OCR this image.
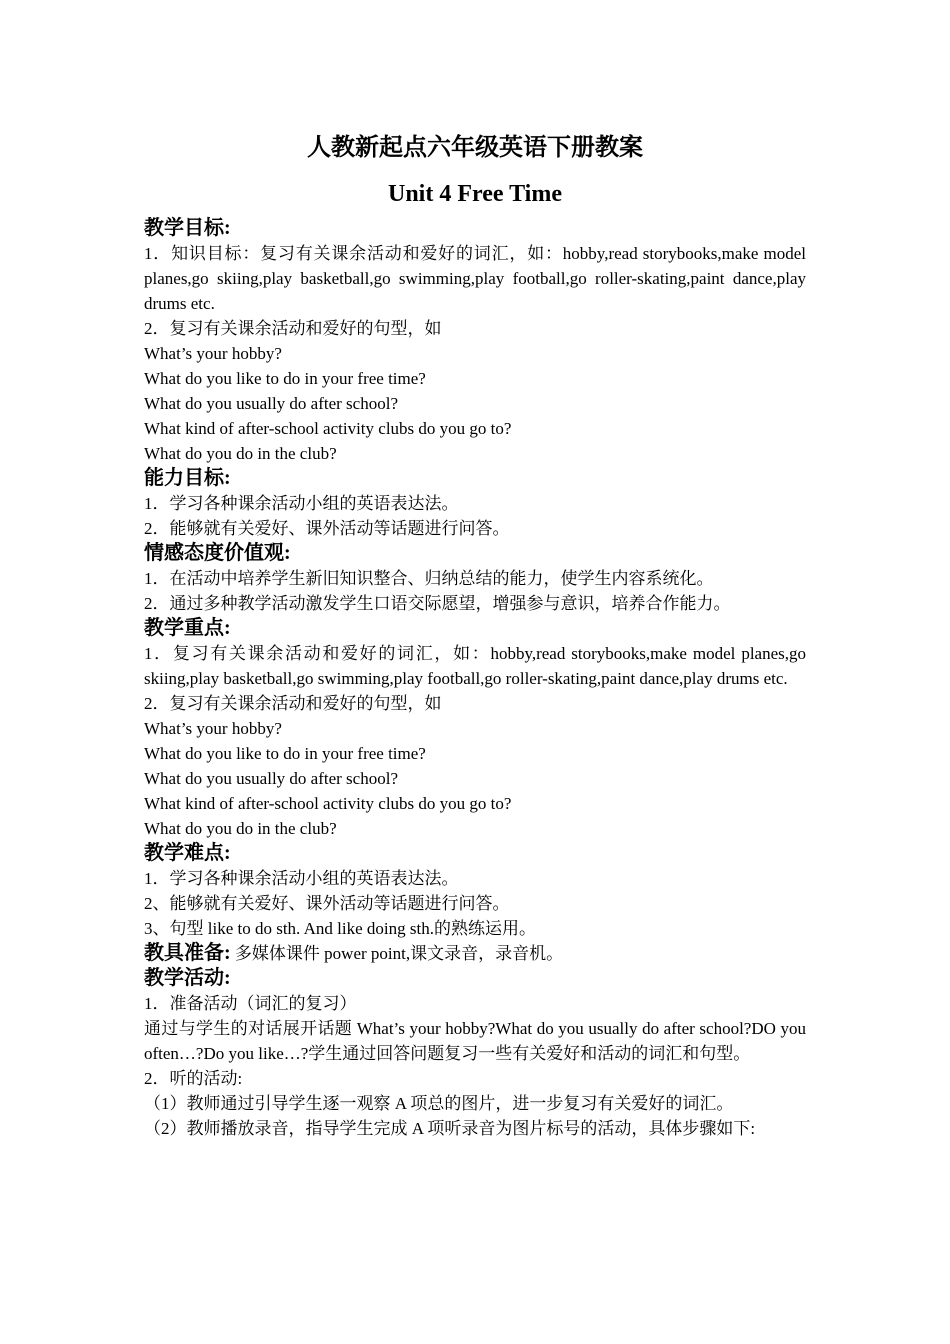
人教新起点六年级英语下册教案

Unit 4 Free Time

教学目标:

1．知识目标：复习有关课余活动和爱好的词汇，如：hobby,read storybooks,make model planes,go skiing,play basketball,go swimming,play football,go roller-skating,paint dance,play drums etc.

2．复习有关课余活动和爱好的句型，如

What’s your hobby?

What do you like to do in your free time?

What do you usually do after school?

What kind of after-school activity clubs do you go to?

What do you do in the club?

能力目标:

1．学习各种课余活动小组的英语表达法。

2．能够就有关爱好、课外活动等话题进行问答。

情感态度价值观:

1．在活动中培养学生新旧知识整合、归纳总结的能力，使学生内容系统化。

2．通过多种教学活动激发学生口语交际愿望，增强参与意识，培养合作能力。

教学重点:

1．复习有关课余活动和爱好的词汇，如：hobby,read storybooks,make model planes,go skiing,play basketball,go swimming,play football,go roller-skating,paint dance,play drums etc.

2．复习有关课余活动和爱好的句型，如

What’s your hobby?

What do you like to do in your free time?

What do you usually do after school?

What kind of after-school activity clubs do you go to?

What do you do in the club?

教学难点:

1．学习各种课余活动小组的英语表达法。

2、能够就有关爱好、课外活动等话题进行问答。

3、句型 like to do sth. And like doing sth.的熟练运用。

教具准备: 多媒体课件 power point,课文录音，录音机。

教学活动:

1．准备活动（词汇的复习）

通过与学生的对话展开话题 What’s your hobby?What do you usually do after school?DO you often…?Do you like…?学生通过回答问题复习一些有关爱好和活动的词汇和句型。

2．听的活动:

（1）教师通过引导学生逐一观察 A 项总的图片，进一步复习有关爱好的词汇。

（2）教师播放录音，指导学生完成 A 项听录音为图片标号的活动，具体步骤如下:
